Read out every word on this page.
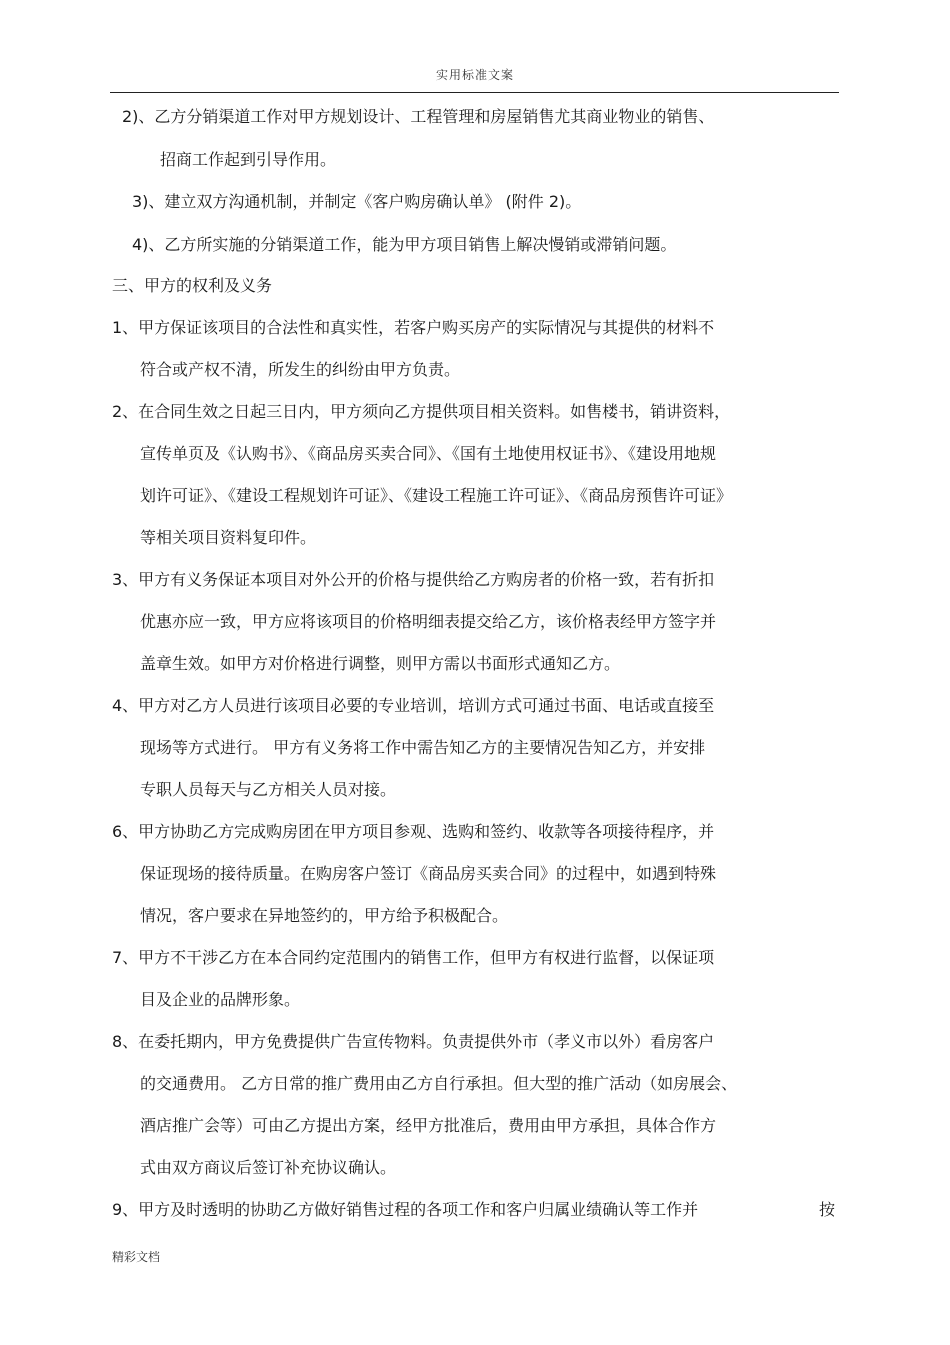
实用标准文案
2)、乙方分销渠道工作对甲方规划设计、工程管理和房屋销售尤其商业物业的销售、
招商工作起到引导作用。
3)、建立双方沟通机制，并制定《客户购房确认单》 (附件 2)。
4)、乙方所实施的分销渠道工作，能为甲方项目销售上解决慢销或滞销问题。
三、甲方的权利及义务
1、甲方保证该项目的合法性和真实性，若客户购买房产的实际情况与其提供的材料不
符合或产权不清，所发生的纠纷由甲方负责。
2、在合同生效之日起三日内，甲方须向乙方提供项目相关资料。如售楼书，销讲资料，
宣传单页及《认购书》、《商品房买卖合同》、《国有土地使用权证书》、《建设用地规
划许可证》、《建设工程规划许可证》、《建设工程施工许可证》、《商品房预售许可证》
等相关项目资料复印件。
3、甲方有义务保证本项目对外公开的价格与提供给乙方购房者的价格一致，若有折扣
优惠亦应一致，甲方应将该项目的价格明细表提交给乙方，该价格表经甲方签字并
盖章生效。如甲方对价格进行调整，则甲方需以书面形式通知乙方。
4、甲方对乙方人员进行该项目必要的专业培训，培训方式可通过书面、电话或直接至
现场等方式进行。 甲方有义务将工作中需告知乙方的主要情况告知乙方，并安排
专职人员每天与乙方相关人员对接。
6、甲方协助乙方完成购房团在甲方项目参观、选购和签约、收款等各项接待程序，并
保证现场的接待质量。在购房客户签订《商品房买卖合同》的过程中，如遇到特殊
情况，客户要求在异地签约的，甲方给予积极配合。
7、甲方不干涉乙方在本合同约定范围内的销售工作，但甲方有权进行监督，以保证项
目及企业的品牌形象。
8、在委托期内，甲方免费提供广告宣传物料。负责提供外市（孝义市以外）看房客户
的交通费用。 乙方日常的推广费用由乙方自行承担。但大型的推广活动（如房展会、
酒店推广会等）可由乙方提出方案，经甲方批准后，费用由甲方承担，具体合作方
式由双方商议后签订补充协议确认。
9、甲方及时透明的协助乙方做好销售过程的各项工作和客户归属业绩确认等工作并	按
精彩文档
